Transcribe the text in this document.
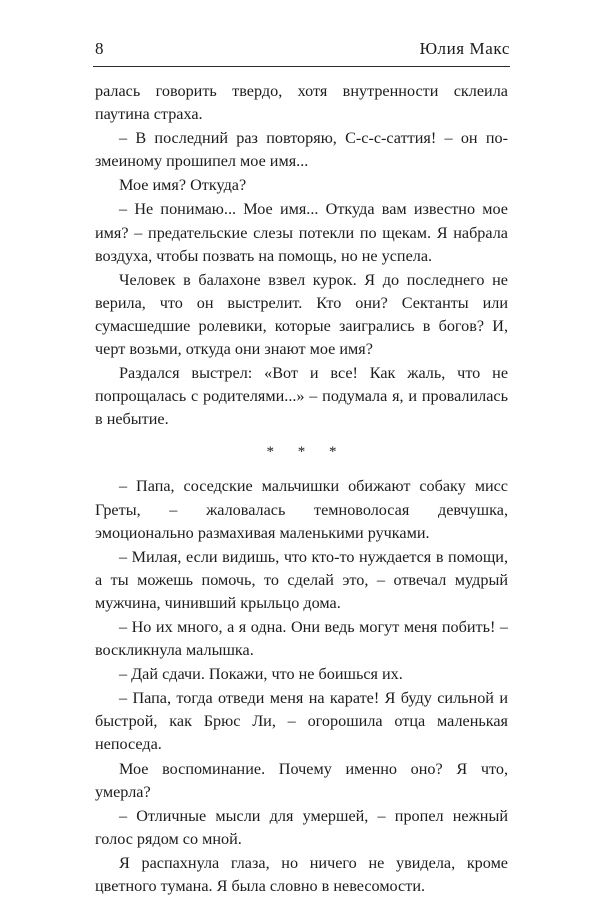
8	Юлия Макс

ралась говорить твердо, хотя внутренности склеила паутина страха.

– В последний раз повторяю, С-с-с-саттия! – он по-змеиному прошипел мое имя...

Мое имя? Откуда?

– Не понимаю... Мое имя... Откуда вам известно мое имя? – предательские слезы потекли по щекам. Я набрала воздуха, чтобы позвать на помощь, но не успела.

Человек в балахоне взвел курок. Я до последнего не верила, что он выстрелит. Кто они? Сектанты или сумасшедшие ролевики, которые заигрались в богов? И, черт возьми, откуда они знают мое имя?

Раздался выстрел: «Вот и все! Как жаль, что не попрощалась с родителями...» – подумала я, и провалилась в небытие.

* * *

– Папа, соседские мальчишки обижают собаку мисс Греты, – жаловалась темноволосая девчушка, эмоционально размахивая маленькими ручками.

– Милая, если видишь, что кто-то нуждается в помощи, а ты можешь помочь, то сделай это, – отвечал мудрый мужчина, чинивший крыльцо дома.

– Но их много, а я одна. Они ведь могут меня побить! – воскликнула малышка.

– Дай сдачи. Покажи, что не боишься их.

– Папа, тогда отведи меня на карате! Я буду сильной и быстрой, как Брюс Ли, – огорошила отца маленькая непоседа.

Мое воспоминание. Почему именно оно? Я что, умерла?

– Отличные мысли для умершей, – пропел нежный голос рядом со мной.

Я распахнула глаза, но ничего не увидела, кроме цветного тумана. Я была словно в невесомости.
